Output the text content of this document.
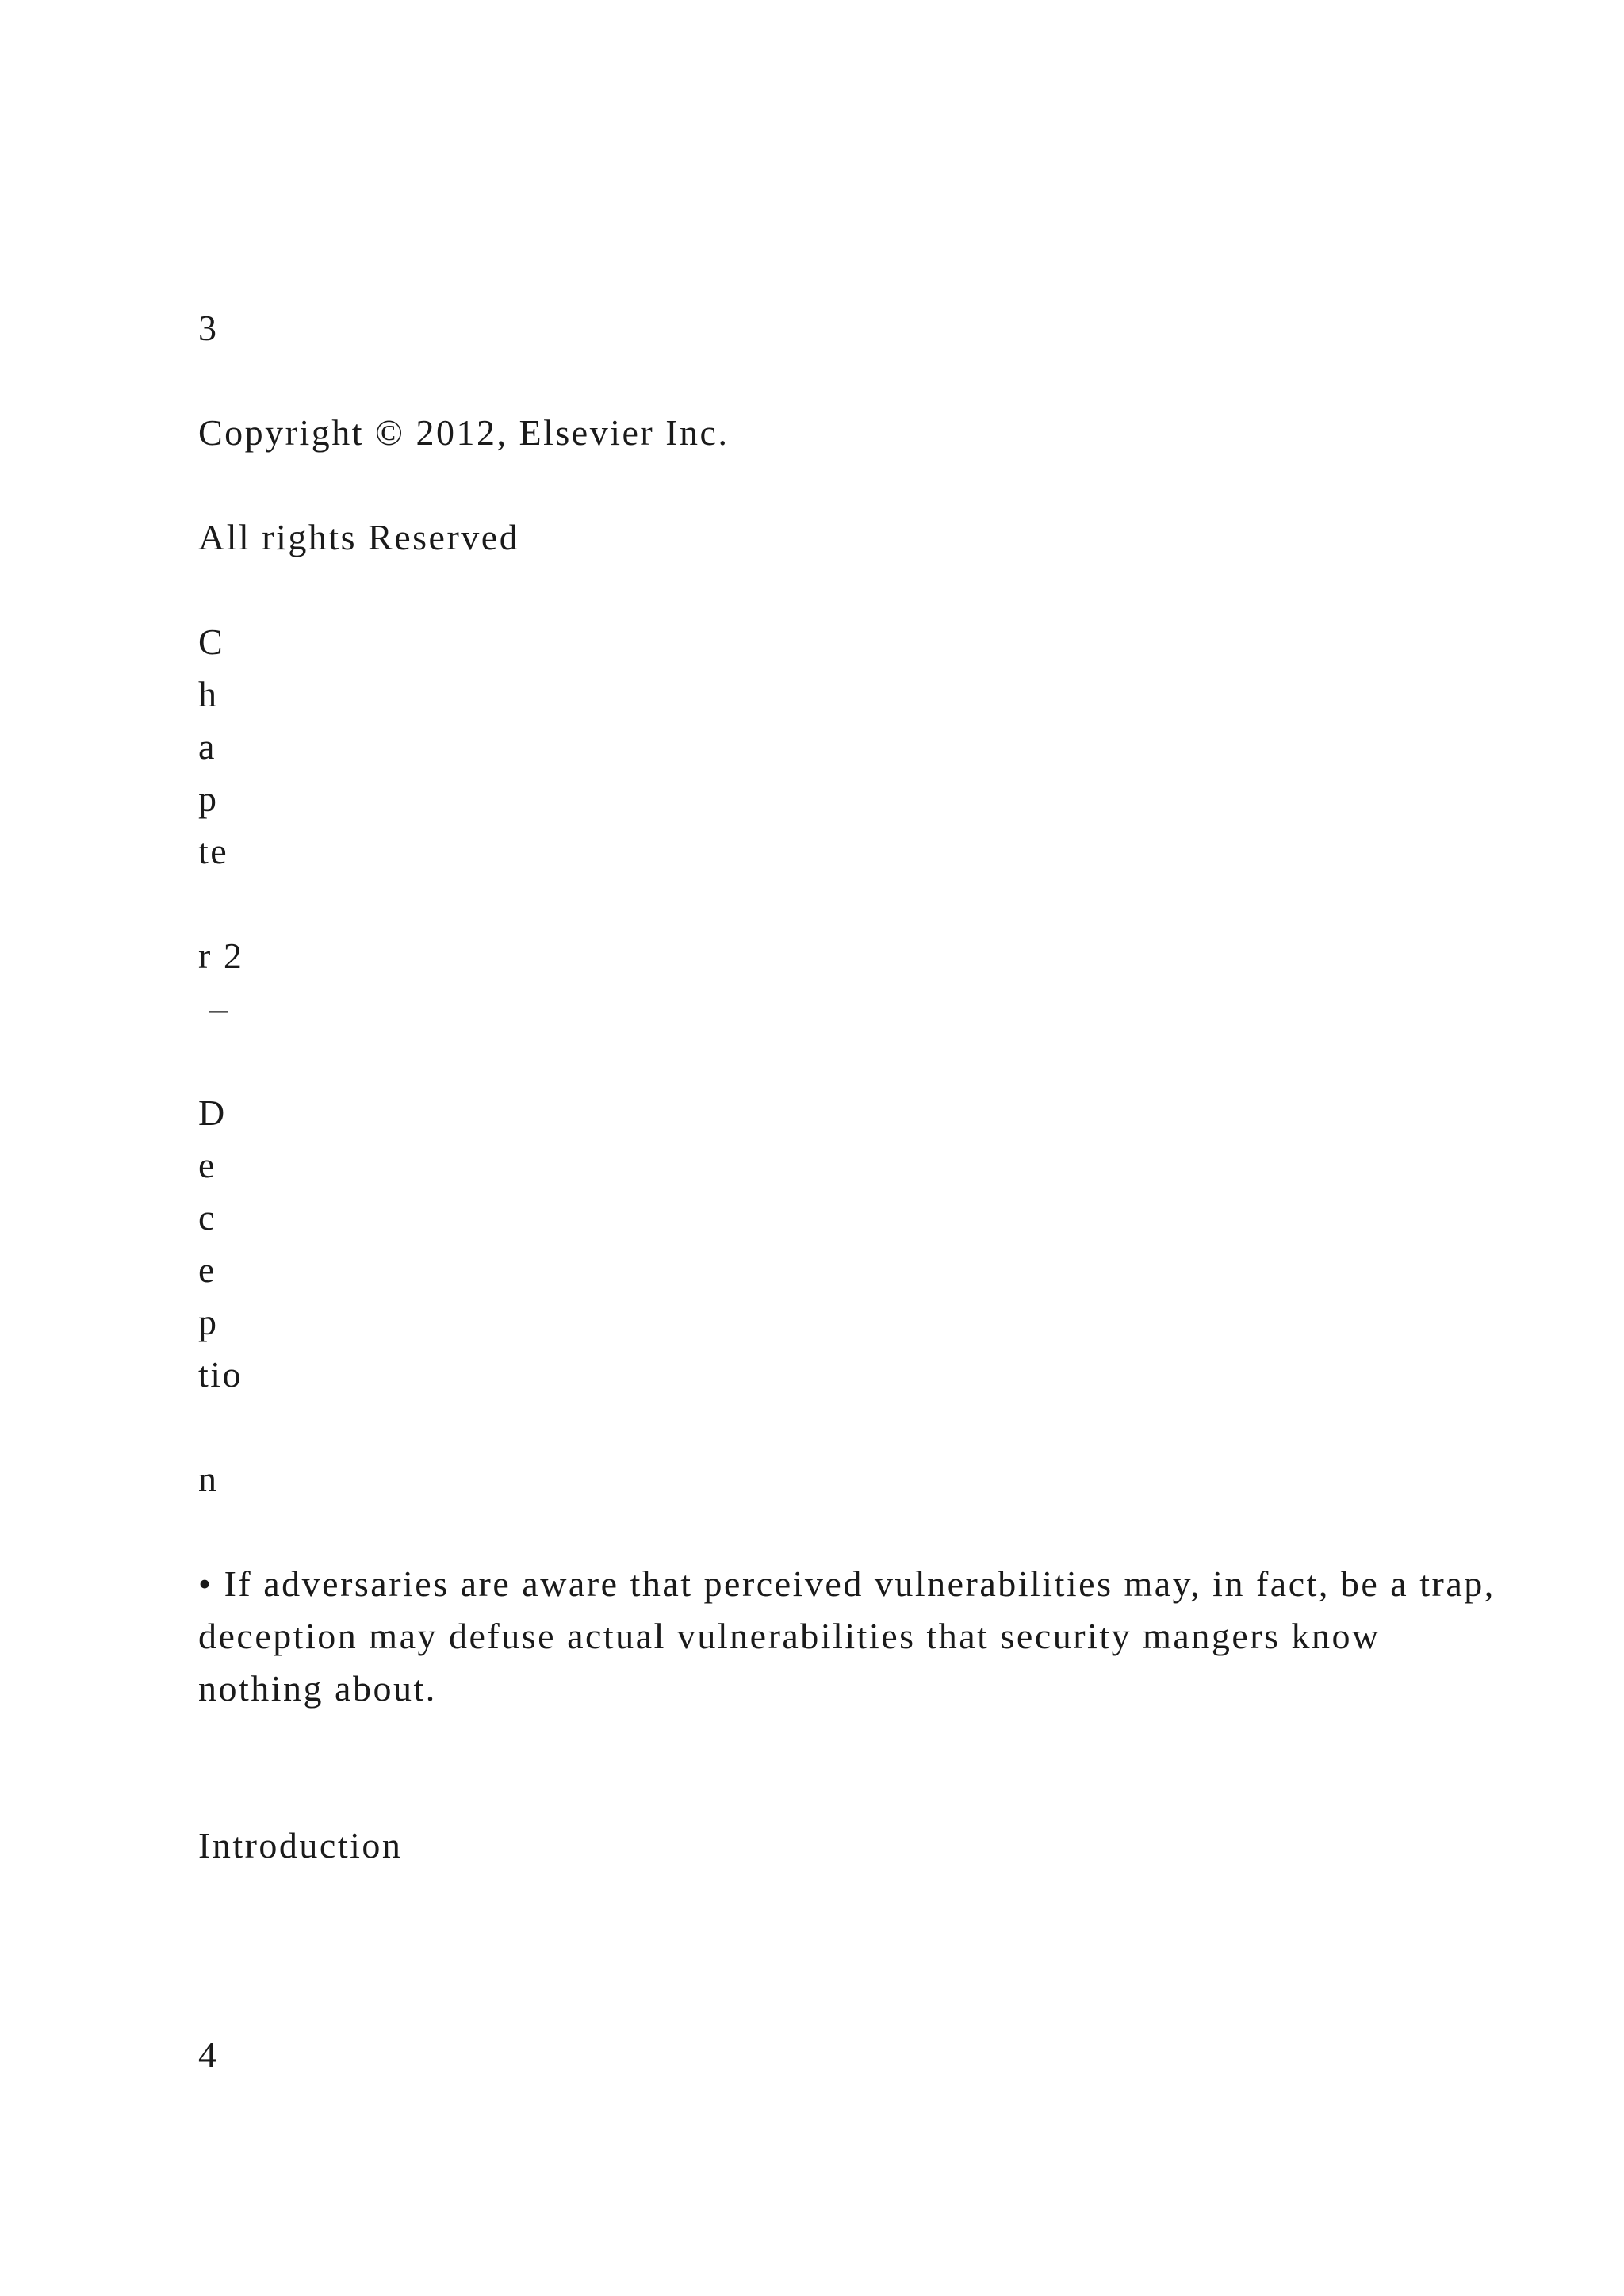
3

Copyright © 2012, Elsevier Inc.

All rights Reserved

C

h

a

p

te

r 2

–

D

e

c

e

p

tio

n

• If adversaries are aware that perceived vulnerabilities may, in fact, be a trap, deception may defuse actual vulnerabilities that security mangers know nothing about.

Introduction

4
